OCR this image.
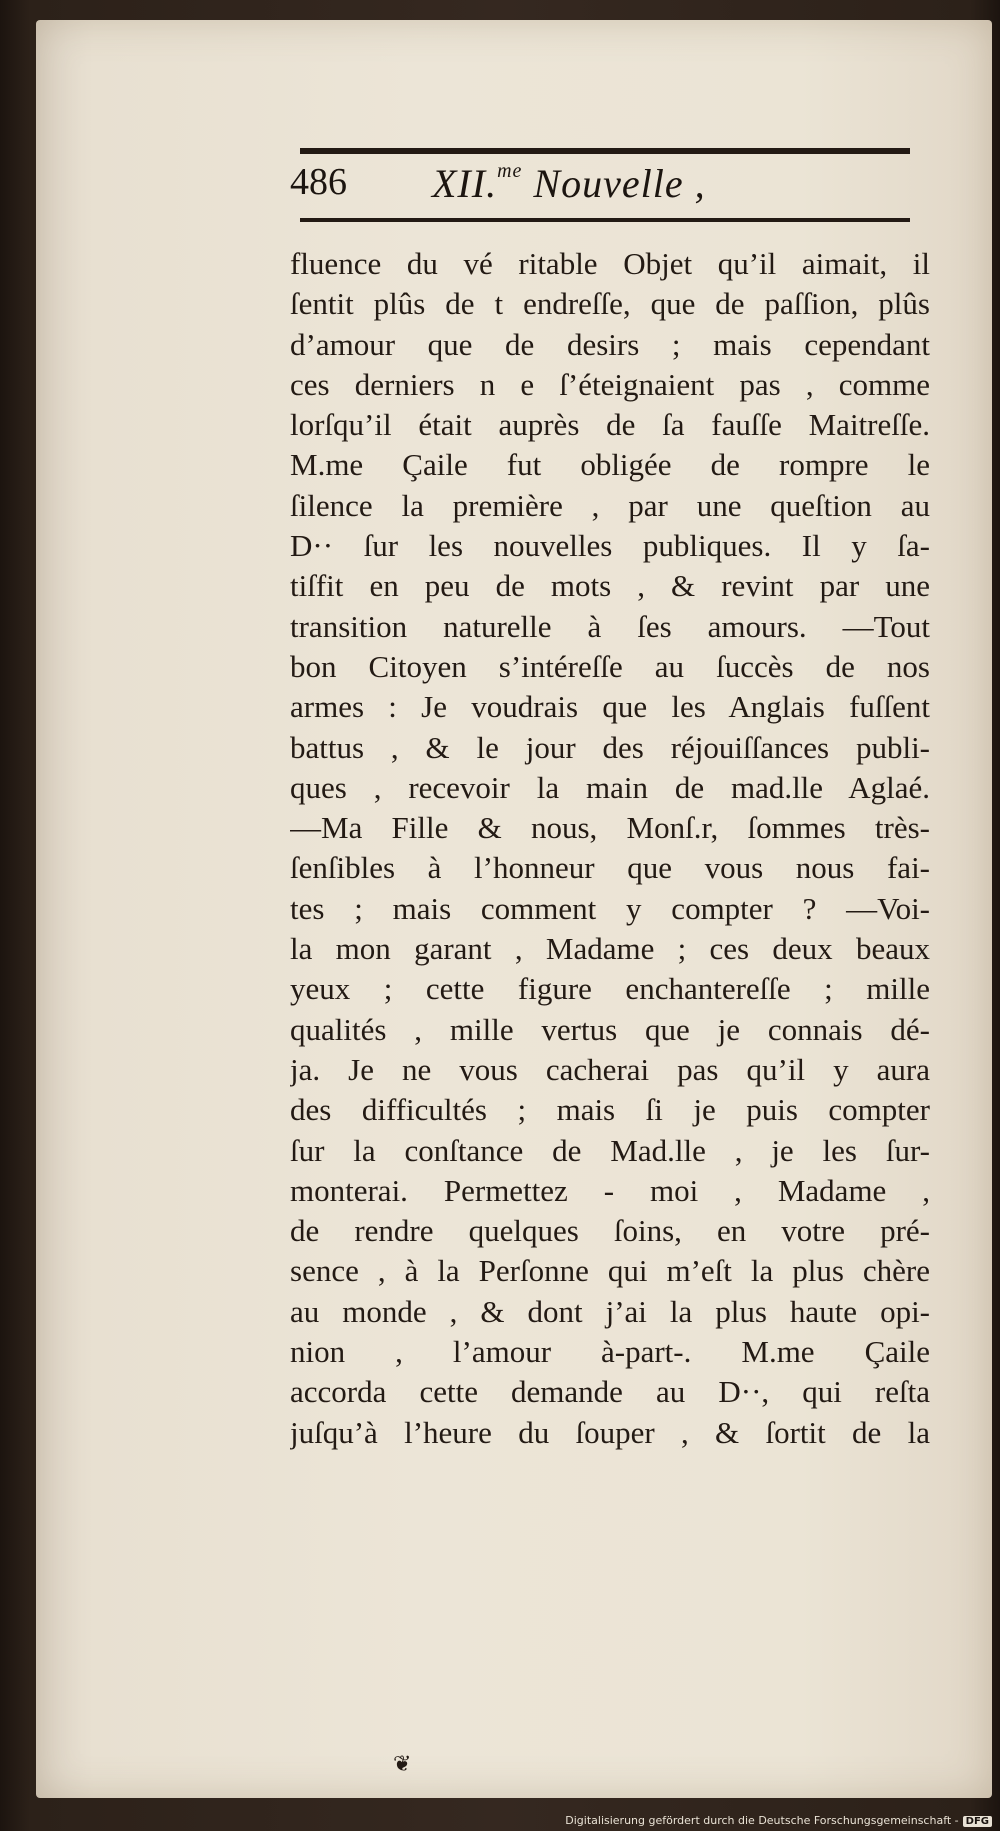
486 XII.$^{me}$ Nouvelle ,
fluence du vé ritable Objet qu’il aimait, il
ſentit plûs de t endreſſe, que de paſſion, plûs
d’amour que de desirs ; mais cependant
ces derniers n e ſ’éteignaient pas , comme
lorſqu’il était auprès de ſa fauſſe Maitreſſe.
M.me Çaile fut obligée de rompre le
ſilence la première , par une queſtion au
D·· ſur les nouvelles publiques. Il y ſa-
tiſfit en peu de mots , & revint par une
transition naturelle à ſes amours. —Tout
bon Citoyen s’intéreſſe au ſuccès de nos
armes : Je voudrais que les Anglais fuſſent
battus , & le jour des réjouiſſances publi-
ques , recevoir la main de mad.lle Aglaé.
—Ma Fille & nous, Monſ.r, ſommes très-
ſenſibles à l’honneur que vous nous fai-
tes ; mais comment y compter ? —Voi-
la mon garant , Madame ; ces deux beaux
yeux ; cette figure enchantereſſe ; mille
qualités , mille vertus que je connais dé-
ja. Je ne vous cacherai pas qu’il y aura
des difficultés ; mais ſi je puis compter
ſur la conſtance de Mad.lle , je les ſur-
monterai. Permettez - moi , Madame ,
de rendre quelques ſoins, en votre pré-
sence , à la Perſonne qui m’eſt la plus chère
au monde , & dont j’ai la plus haute opi-
nion , l’amour à-part-. M.me Çaile
accorda cette demande au D··, qui reſta
juſqu’à l’heure du ſouper , & ſortit de la
❦
Digitalisierung gefördert durch die Deutsche Forschungsgemeinschaft - DFG
